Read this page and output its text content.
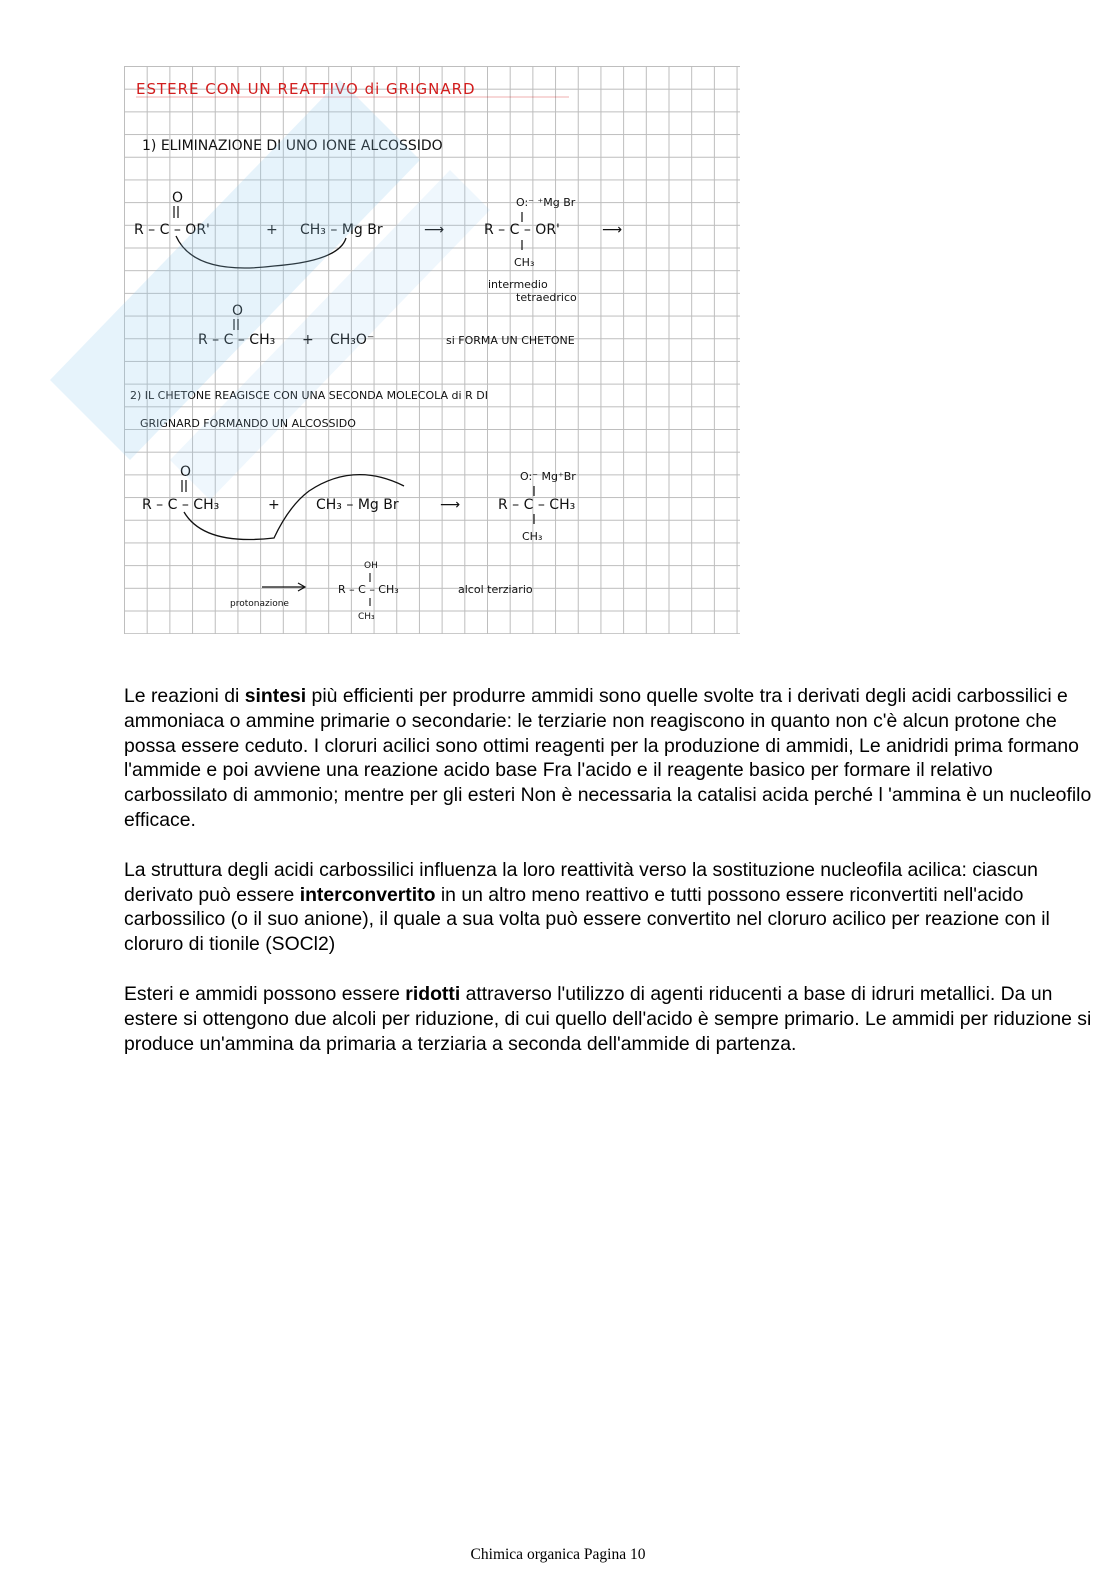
ESTERE CON UN REATTIVO di GRIGNARD
1) ELIMINAZIONE DI UNO IONE ALCOSSIDO
O
R – C – OR'	+ CH₃ – Mg Br	⟶
O:⁻ ⁺Mg Br
R – C – OR'
CH₃
⟶
intermedio
tetraedrico
O
R – C – CH₃ + CH₃O⁻	si FORMA UN CHETONE
2) IL CHETONE REAGISCE CON UNA SECONDA MOLECOLA di R DI
GRIGNARD FORMANDO UN ALCOSSIDO
O
R – C – CH₃	+	CH₃ – Mg Br	⟶
O:⁻ Mg⁺Br
R – C – CH₃
CH₃
protonazione
OH
R – C – CH₃
CH₃
alcol terziario

Le reazioni di sintesi più efficienti per produrre ammidi sono quelle svolte tra i derivati degli acidi carbossilici e ammoniaca o ammine primarie o secondarie: le terziarie non reagiscono in quanto non c'è alcun protone che possa essere ceduto. I cloruri acilici sono ottimi reagenti per la produzione di ammidi, Le anidridi prima formano l'ammide e poi avviene una reazione acido base Fra l'acido e il reagente basico per formare il relativo carbossilato di ammonio; mentre per gli esteri Non è necessaria la catalisi acida perché l 'ammina è un nucleofilo efficace.

La struttura degli acidi carbossilici influenza la loro reattività verso la sostituzione nucleofila acilica: ciascun derivato può essere interconvertito in un altro meno reattivo e tutti possono essere riconvertiti nell'acido carbossilico (o il suo anione), il quale a sua volta può essere convertito nel cloruro acilico per reazione con il cloruro di tionile (SOCl2)

Esteri e ammidi possono essere ridotti attraverso l'utilizzo di agenti riducenti a base di idruri metallici. Da un estere si ottengono due alcoli per riduzione, di cui quello dell'acido è sempre primario. Le ammidi per riduzione si produce un'ammina da primaria a terziaria a seconda dell'ammide di partenza.

Chimica organica Pagina 10
